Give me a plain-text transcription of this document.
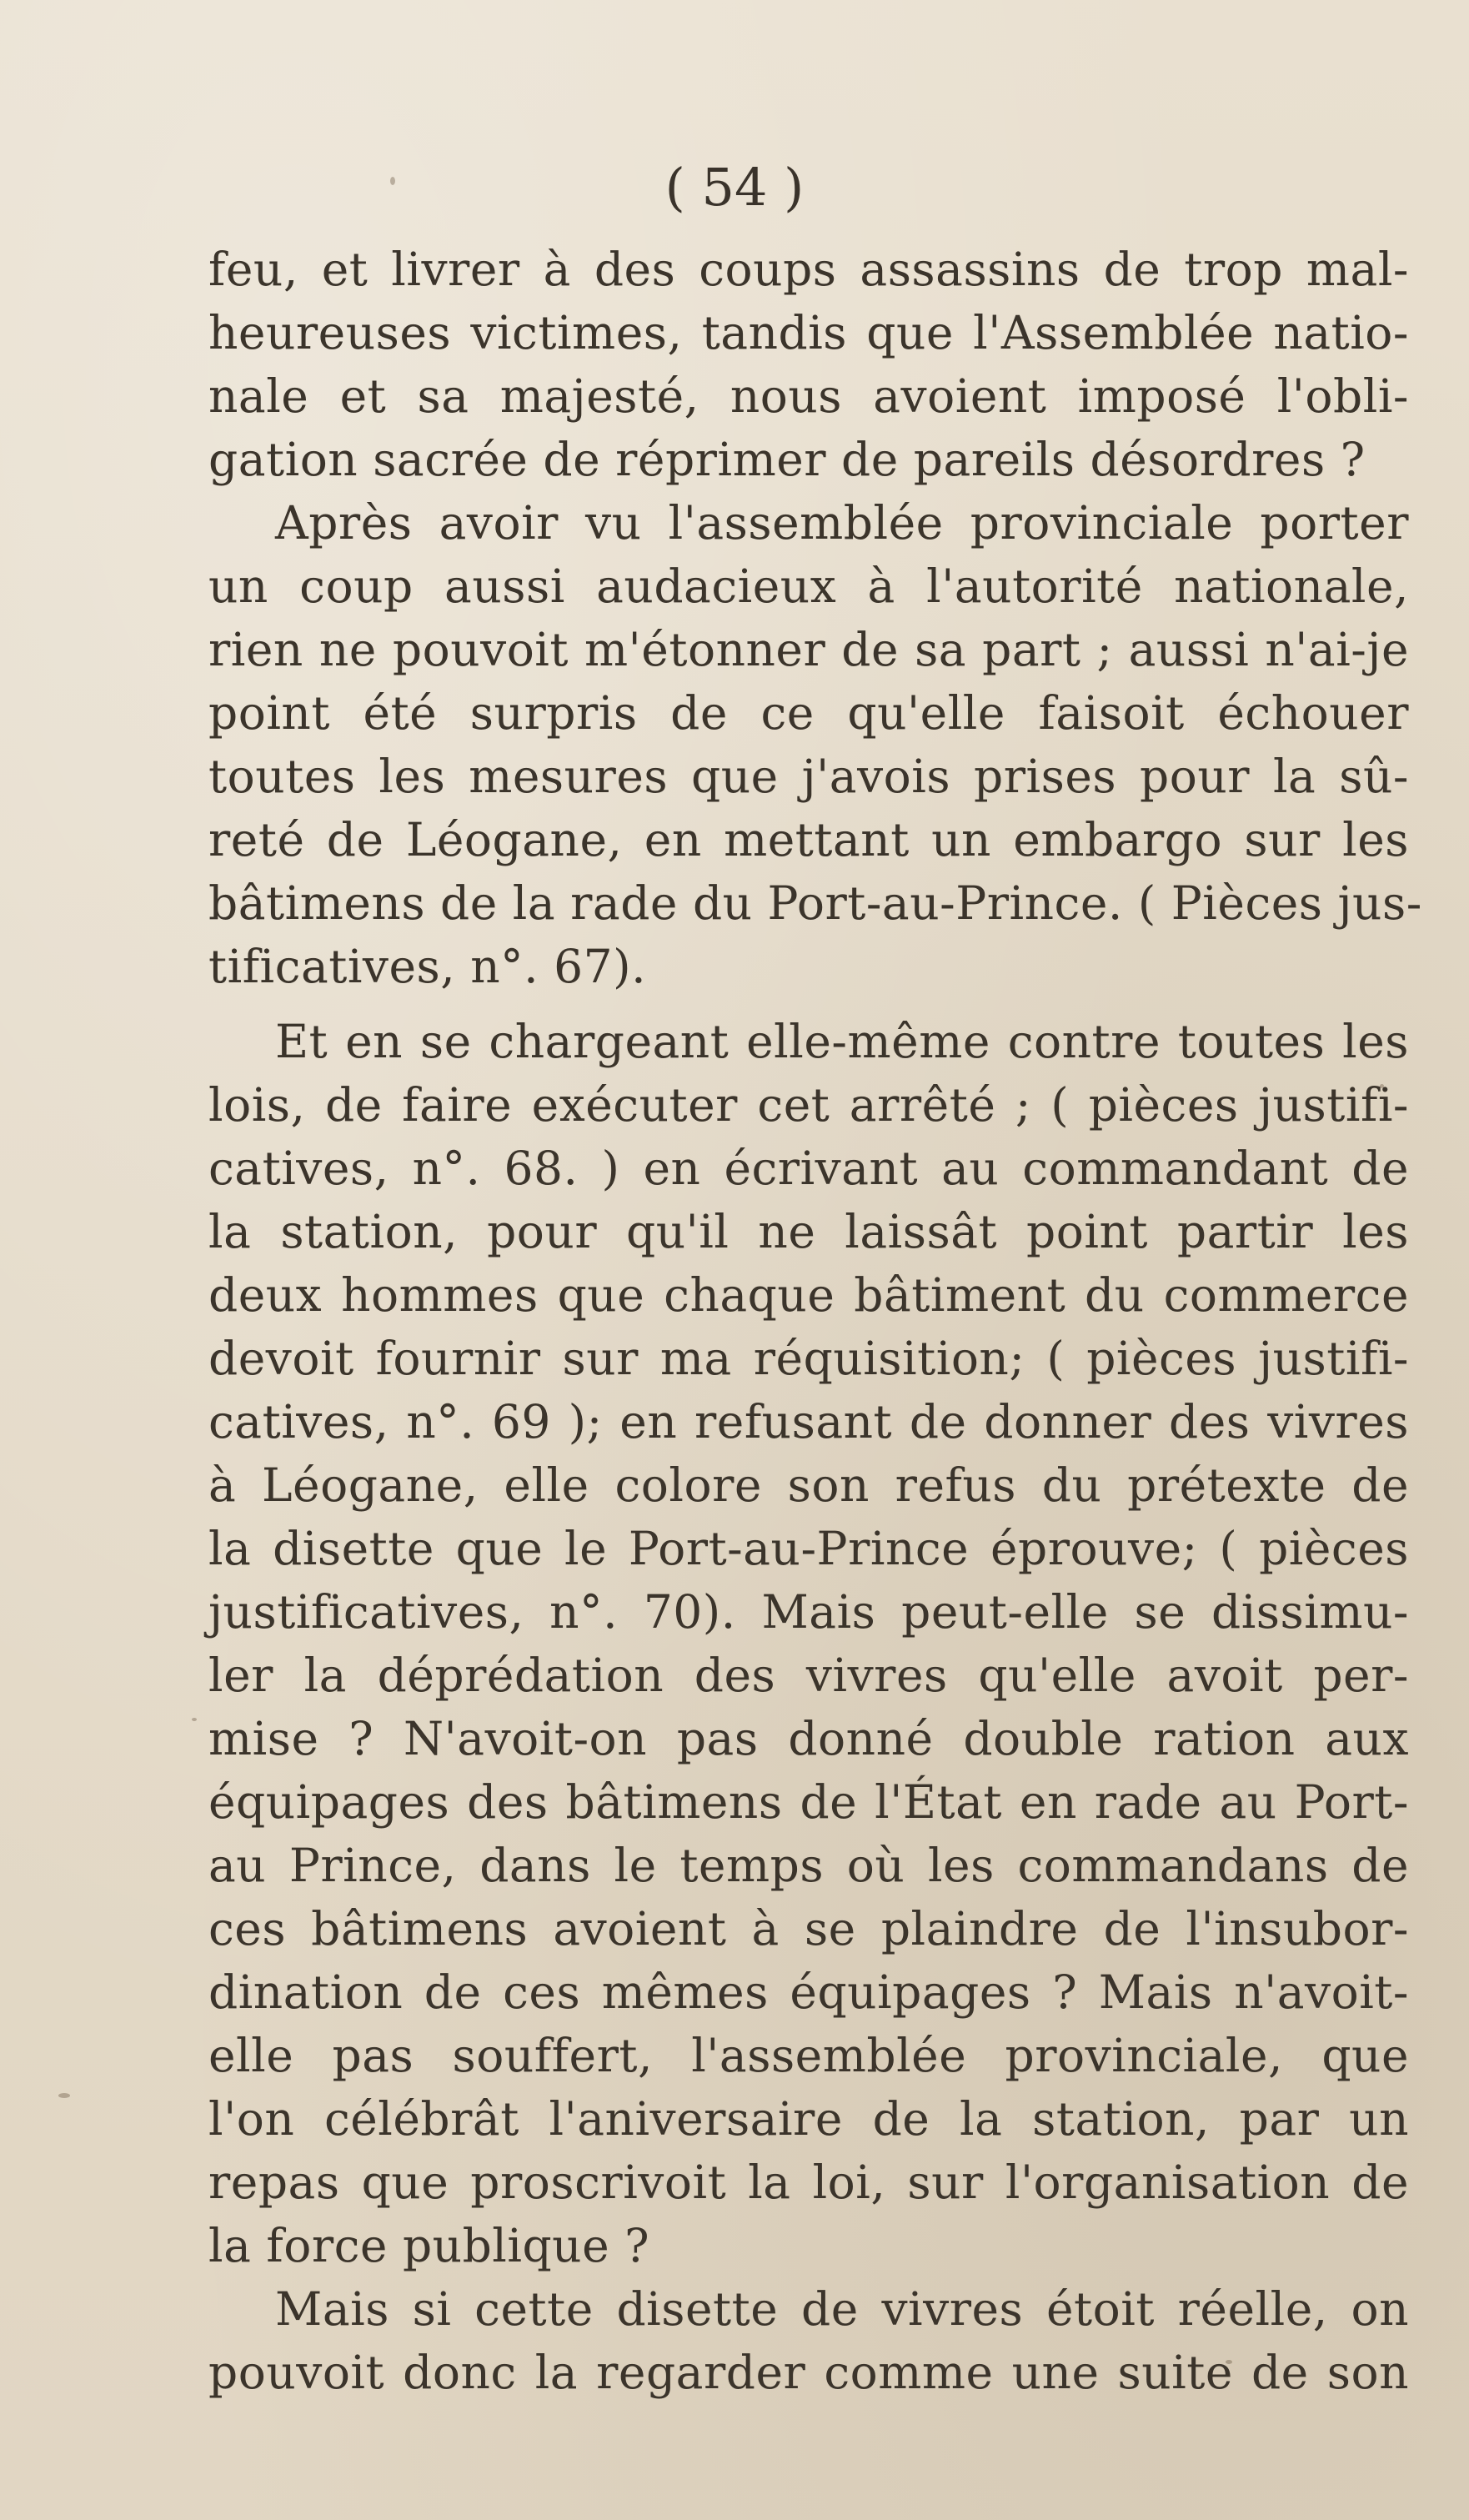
( 54 )
feu, et livrer à des coups assassins de trop mal-
heureuses victimes, tandis que l'Assemblée natio-
nale et sa majesté, nous avoient imposé l'obli-
gation sacrée de réprimer de pareils désordres ?
Après avoir vu l'assemblée provinciale porter
un coup aussi audacieux à l'autorité nationale,
rien ne pouvoit m'étonner de sa part ; aussi n'ai-je
point été surpris de ce qu'elle faisoit échouer
toutes les mesures que j'avois prises pour la sû-
reté de Léogane, en mettant un embargo sur les
bâtimens de la rade du Port-au-Prince. ( Pièces jus-
tificatives, n°. 67).
Et en se chargeant elle-même contre toutes les
lois, de faire exécuter cet arrêté ; ( pièces justifi-
catives, n°. 68. ) en écrivant au commandant de
la station, pour qu'il ne laissât point partir les
deux hommes que chaque bâtiment du commerce
devoit fournir sur ma réquisition; ( pièces justifi-
catives, n°. 69 ); en refusant de donner des vivres
à Léogane, elle colore son refus du prétexte de
la disette que le Port-au-Prince éprouve; ( pièces
justificatives, n°. 70). Mais peut-elle se dissimu-
ler la déprédation des vivres qu'elle avoit per-
mise ? N'avoit-on pas donné double ration aux
équipages des bâtimens de l'État en rade au Port-
au Prince, dans le temps où les commandans de
ces bâtimens avoient à se plaindre de l'insubor-
dination de ces mêmes équipages ? Mais n'avoit-
elle pas souffert, l'assemblée provinciale, que
l'on célébrât l'aniversaire de la station, par un
repas que proscrivoit la loi, sur l'organisation de
la force publique ?
Mais si cette disette de vivres étoit réelle, on
pouvoit donc la regarder comme une suite de son
